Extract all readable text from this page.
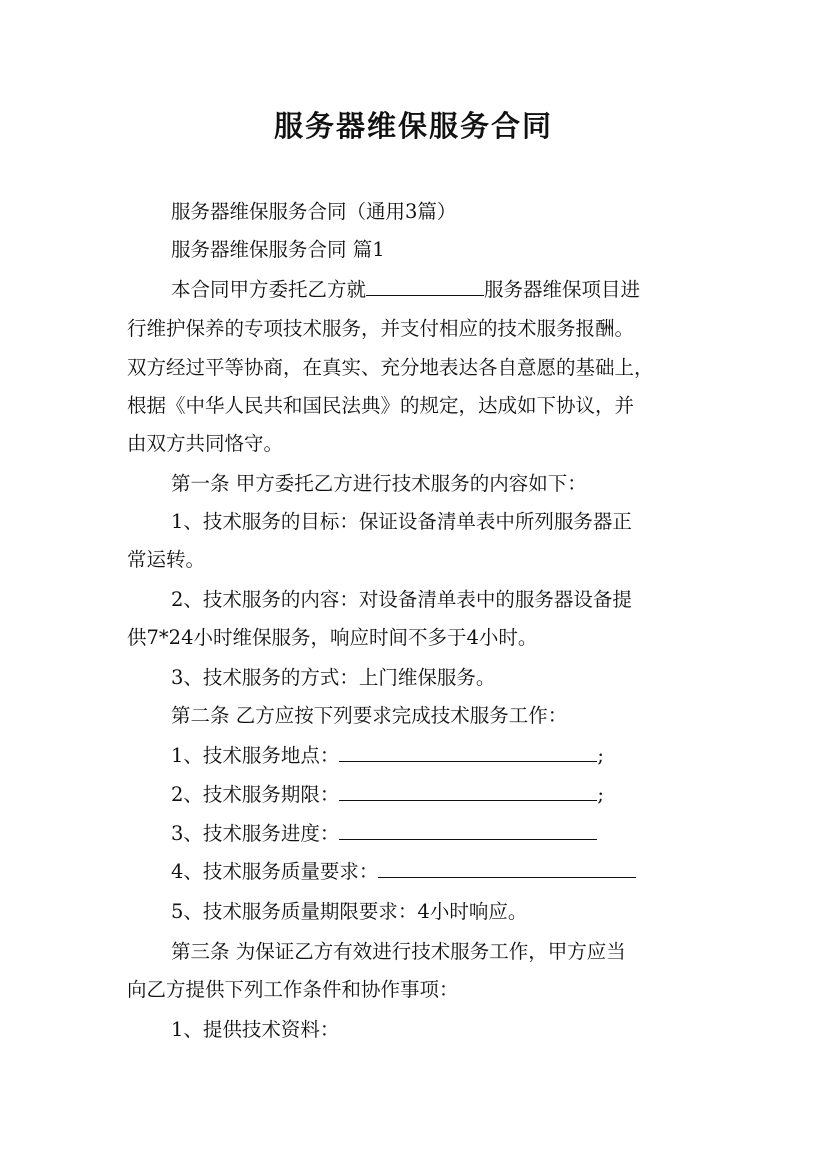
服务器维保服务合同
服务器维保服务合同（通用3篇）
服务器维保服务合同 篇1
本合同甲方委托乙方就	服务器维保项目进
行维护保养的专项技术服务，并支付相应的技术服务报酬。
双方经过平等协商，在真实、充分地表达各自意愿的基础上，
根据《中华人民共和国民法典》的规定，达成如下协议，并
由双方共同恪守。
第一条 甲方委托乙方进行技术服务的内容如下：
1、技术服务的目标：保证设备清单表中所列服务器正
常运转。
2、技术服务的内容：对设备清单表中的服务器设备提
供7*24小时维保服务，响应时间不多于4小时。
3、技术服务的方式：上门维保服务。
第二条 乙方应按下列要求完成技术服务工作：
1、技术服务地点：	;
2、技术服务期限：	;
3、技术服务进度：
4、技术服务质量要求：
5、技术服务质量期限要求：4小时响应。
第三条 为保证乙方有效进行技术服务工作，甲方应当
向乙方提供下列工作条件和协作事项：
1、提供技术资料：
